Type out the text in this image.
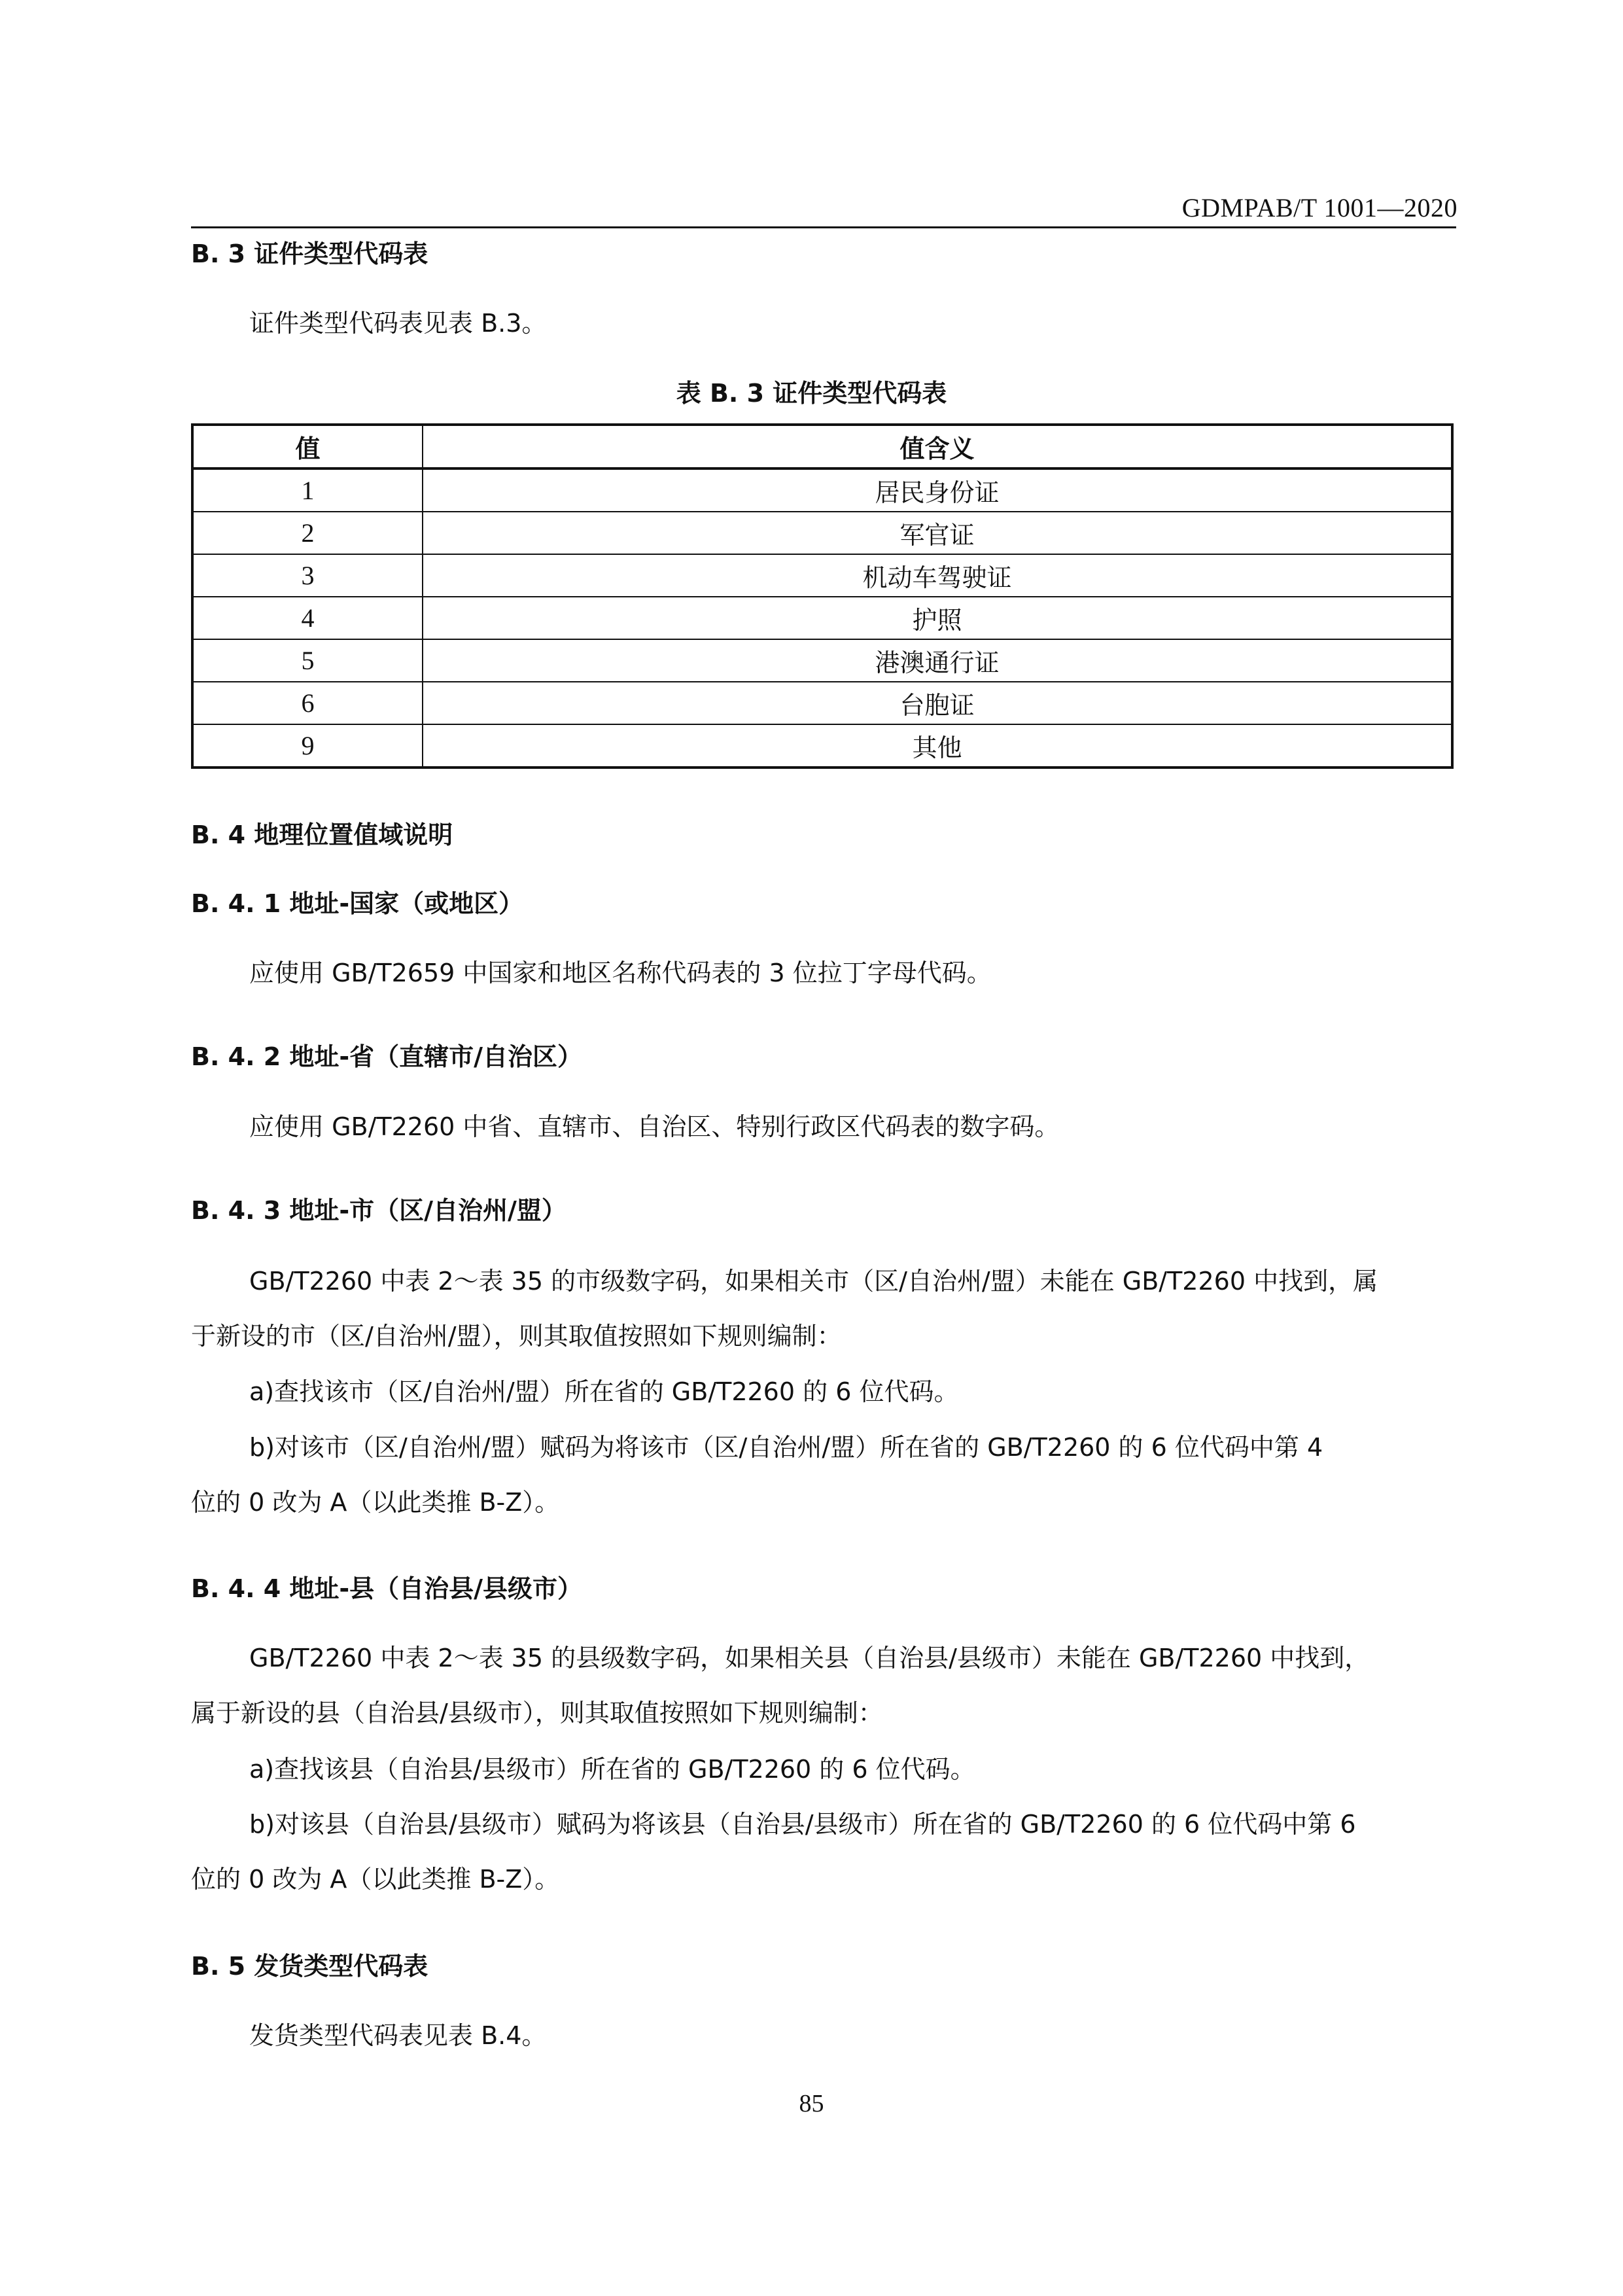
GDMPAB/T 1001—2020
B. 3 证件类型代码表
证件类型代码表见表 B.3。
表 B. 3 证件类型代码表
值	值含义
1	居民身份证
2	军官证
3	机动车驾驶证
4	护照
5	港澳通行证
6	台胞证
9	其他
B. 4 地理位置值域说明
B. 4. 1 地址-国家（或地区）
应使用 GB/T2659 中国家和地区名称代码表的 3 位拉丁字母代码。
B. 4. 2 地址-省（直辖市/自治区）
应使用 GB/T2260 中省、直辖市、自治区、特别行政区代码表的数字码。
B. 4. 3 地址-市（区/自治州/盟）
GB/T2260 中表 2～表 35 的市级数字码，如果相关市（区/自治州/盟）未能在 GB/T2260 中找到，属
于新设的市（区/自治州/盟），则其取值按照如下规则编制：
a)查找该市（区/自治州/盟）所在省的 GB/T2260 的 6 位代码。
b)对该市（区/自治州/盟）赋码为将该市（区/自治州/盟）所在省的 GB/T2260 的 6 位代码中第 4
位的 0 改为 A（以此类推 B-Z）。
B. 4. 4 地址-县（自治县/县级市）
GB/T2260 中表 2～表 35 的县级数字码，如果相关县（自治县/县级市）未能在 GB/T2260 中找到，
属于新设的县（自治县/县级市），则其取值按照如下规则编制：
a)查找该县（自治县/县级市）所在省的 GB/T2260 的 6 位代码。
b)对该县（自治县/县级市）赋码为将该县（自治县/县级市）所在省的 GB/T2260 的 6 位代码中第 6
位的 0 改为 A（以此类推 B-Z）。
B. 5 发货类型代码表
发货类型代码表见表 B.4。
85
